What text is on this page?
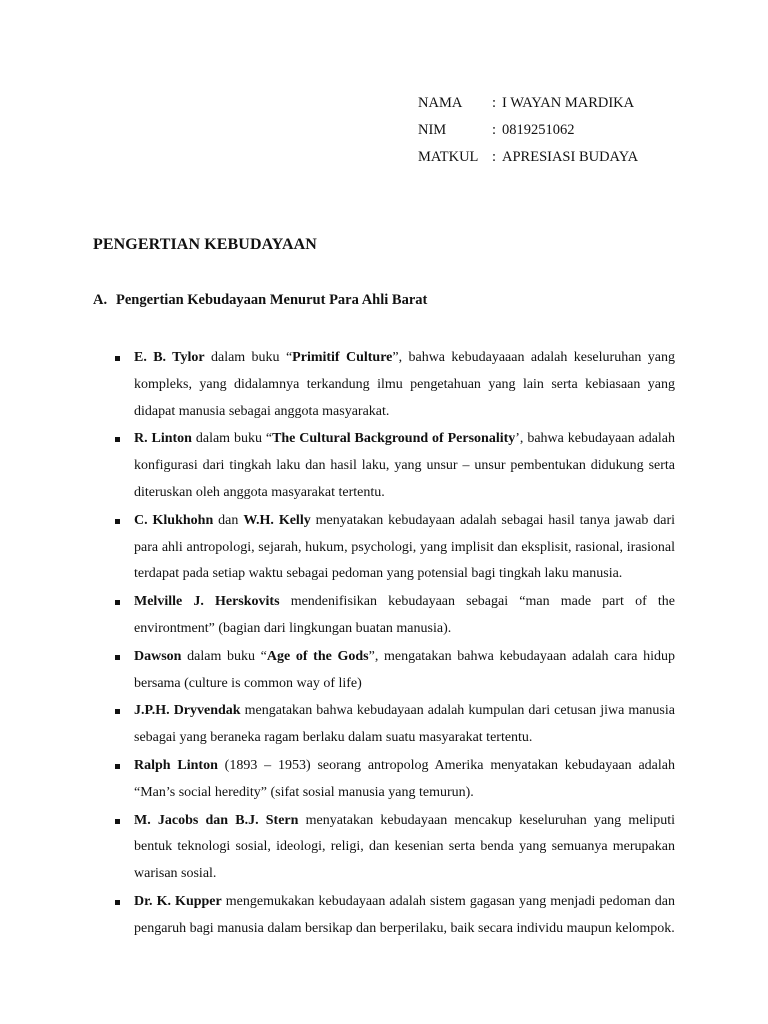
NAMA	: I WAYAN MARDIKA
NIM	: 0819251062
MATKUL : APRESIASI BUDAYA
PENGERTIAN KEBUDAYAAN
A. Pengertian Kebudayaan Menurut Para Ahli Barat
E. B. Tylor dalam buku “Primitif Culture”, bahwa kebudayaaan adalah keseluruhan yang kompleks, yang didalamnya terkandung ilmu pengetahuan yang lain serta kebiasaan yang didapat manusia sebagai anggota masyarakat.
R. Linton dalam buku “The Cultural Background of Personality’, bahwa kebudayaan adalah konfigurasi dari tingkah laku dan hasil laku, yang unsur – unsur pembentukan didukung serta diteruskan oleh anggota masyarakat tertentu.
C. Klukhohn dan W.H. Kelly menyatakan kebudayaan adalah sebagai hasil tanya jawab dari para ahli antropologi, sejarah, hukum, psychologi, yang implisit dan eksplisit, rasional, irasional terdapat pada setiap waktu sebagai pedoman yang potensial bagi tingkah laku manusia.
Melville J. Herskovits mendenifisikan kebudayaan sebagai “man made part of the environtment” (bagian dari lingkungan buatan manusia).
Dawson dalam buku “Age of the Gods”, mengatakan bahwa kebudayaan adalah cara hidup bersama (culture is common way of life)
J.P.H. Dryvendak mengatakan bahwa kebudayaan adalah kumpulan dari cetusan jiwa manusia sebagai yang beraneka ragam berlaku dalam suatu masyarakat tertentu.
Ralph Linton (1893 – 1953) seorang antropolog Amerika menyatakan kebudayaan adalah “Man’s social heredity” (sifat sosial manusia yang temurun).
M. Jacobs dan B.J. Stern menyatakan kebudayaan mencakup keseluruhan yang meliputi bentuk teknologi sosial, ideologi, religi, dan kesenian serta benda yang semuanya merupakan warisan sosial.
Dr. K. Kupper mengemukakan kebudayaan adalah sistem gagasan yang menjadi pedoman dan pengaruh bagi manusia dalam bersikap dan berperilaku, baik secara individu maupun kelompok.
